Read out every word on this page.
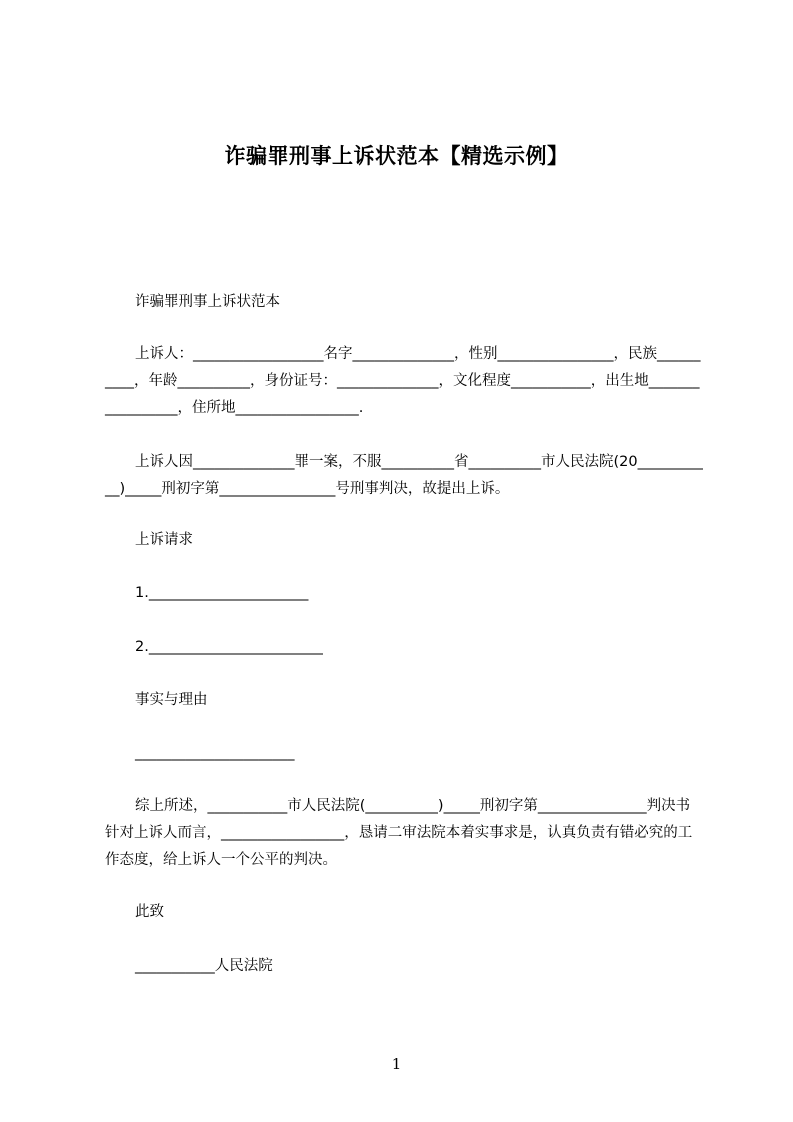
诈骗罪刑事上诉状范本【精选示例】
诈骗罪刑事上诉状范本
上诉人：__________________名字______________，性别________________，民族__________，年龄__________，身份证号：______________，文化程度___________，出生地_________________，住所地_________________.
上诉人因______________罪一案，不服__________省__________市人民法院(20___________)_____刑初字第________________号刑事判决，故提出上诉。
上诉请求
1.______________________
2.________________________
事实与理由
______________________
综上所述，___________市人民法院(__________)_____刑初字第_______________判决书针对上诉人而言，_________________，恳请二审法院本着实事求是，认真负责有错必究的工作态度，给上诉人一个公平的判决。
此致
___________人民法院
1
